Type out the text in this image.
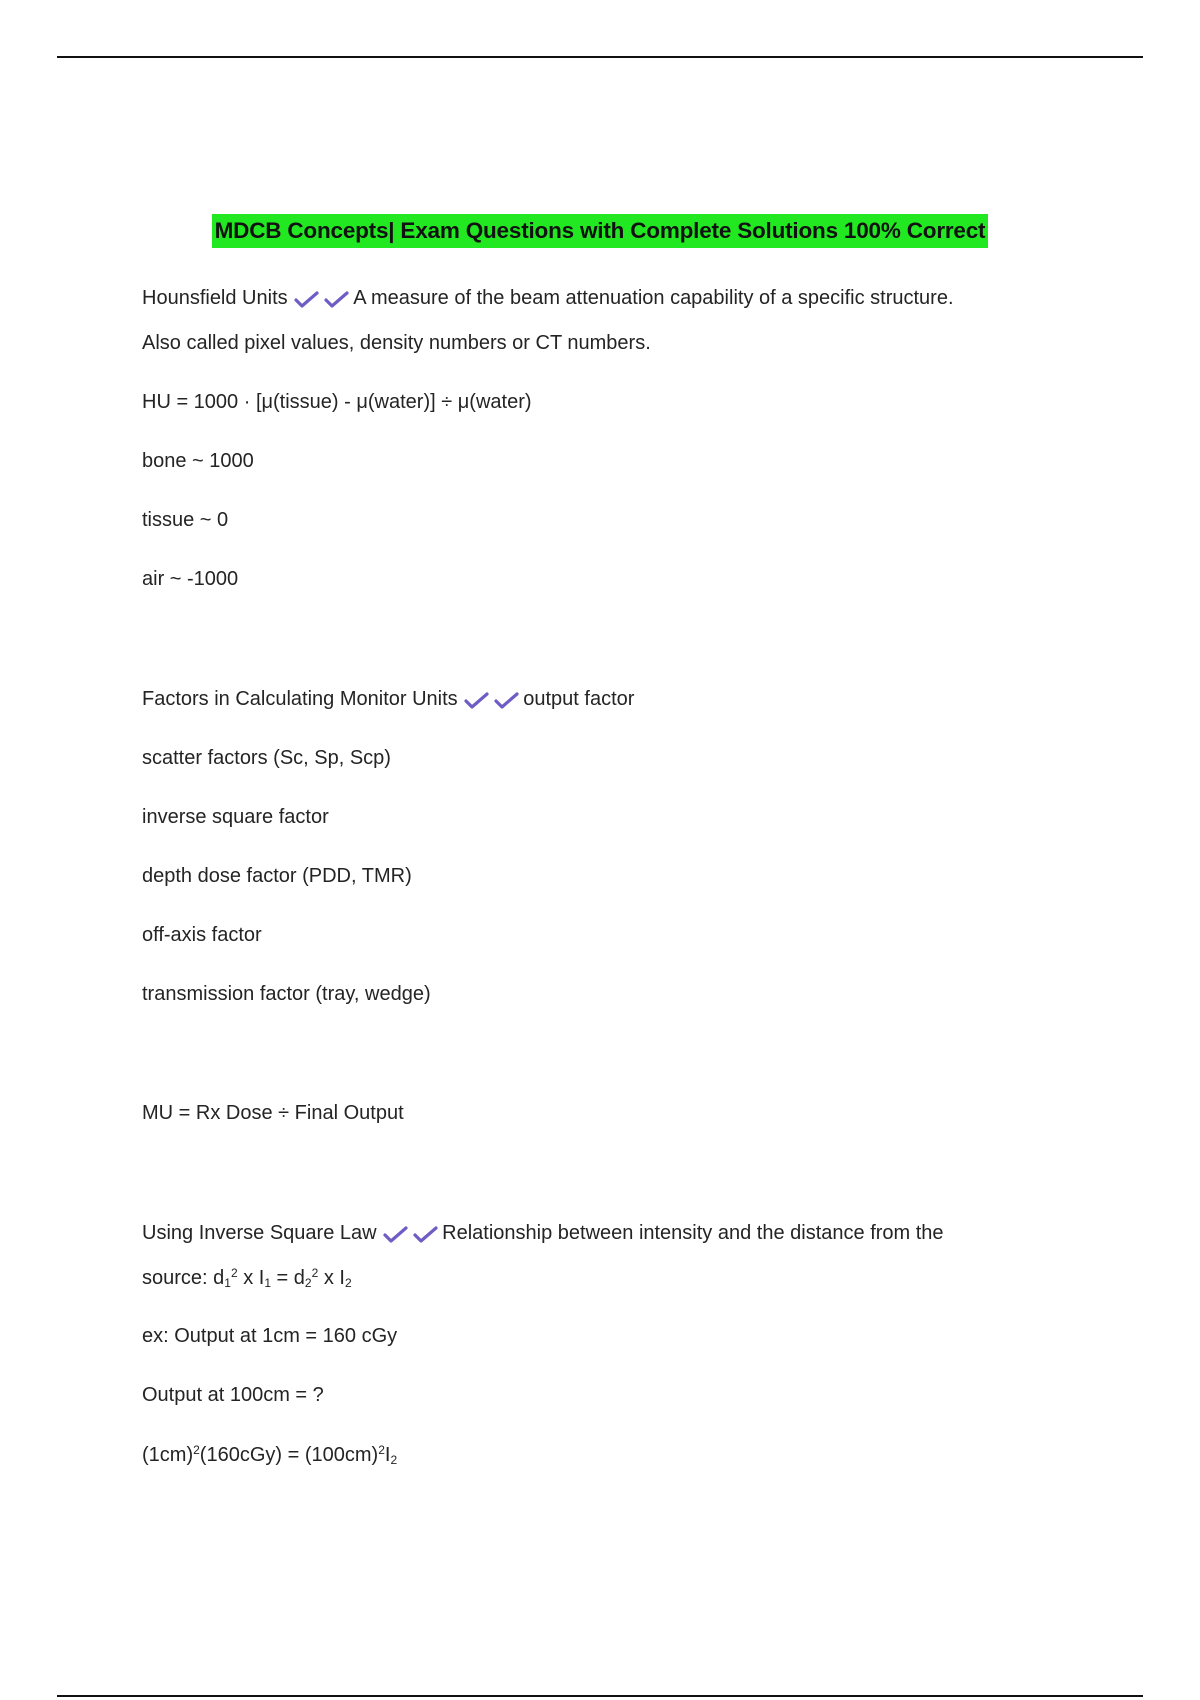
MDCB Concepts| Exam Questions with Complete Solutions 100% Correct
Hounsfield Units	A measure of the beam attenuation capability of a specific structure.
Also called pixel values, density numbers or CT numbers.
HU = 1000 · [μ(tissue) - μ(water)] ÷ μ(water)
bone ~ 1000
tissue ~ 0
air ~ -1000
Factors in Calculating Monitor Units	output factor
scatter factors (Sc, Sp, Scp)
inverse square factor
depth dose factor (PDD, TMR)
off-axis factor
transmission factor (tray, wedge)
MU = Rx Dose ÷ Final Output
Using Inverse Square Law	Relationship between intensity and the distance from the
source: $d_1^2$ x $I_1 = d_2^2$ x $I_2$
ex: Output at 1cm = 160 cGy
Output at 100cm = ?
$(1cm)^2(160cGy) = (100cm)^2I_2$
